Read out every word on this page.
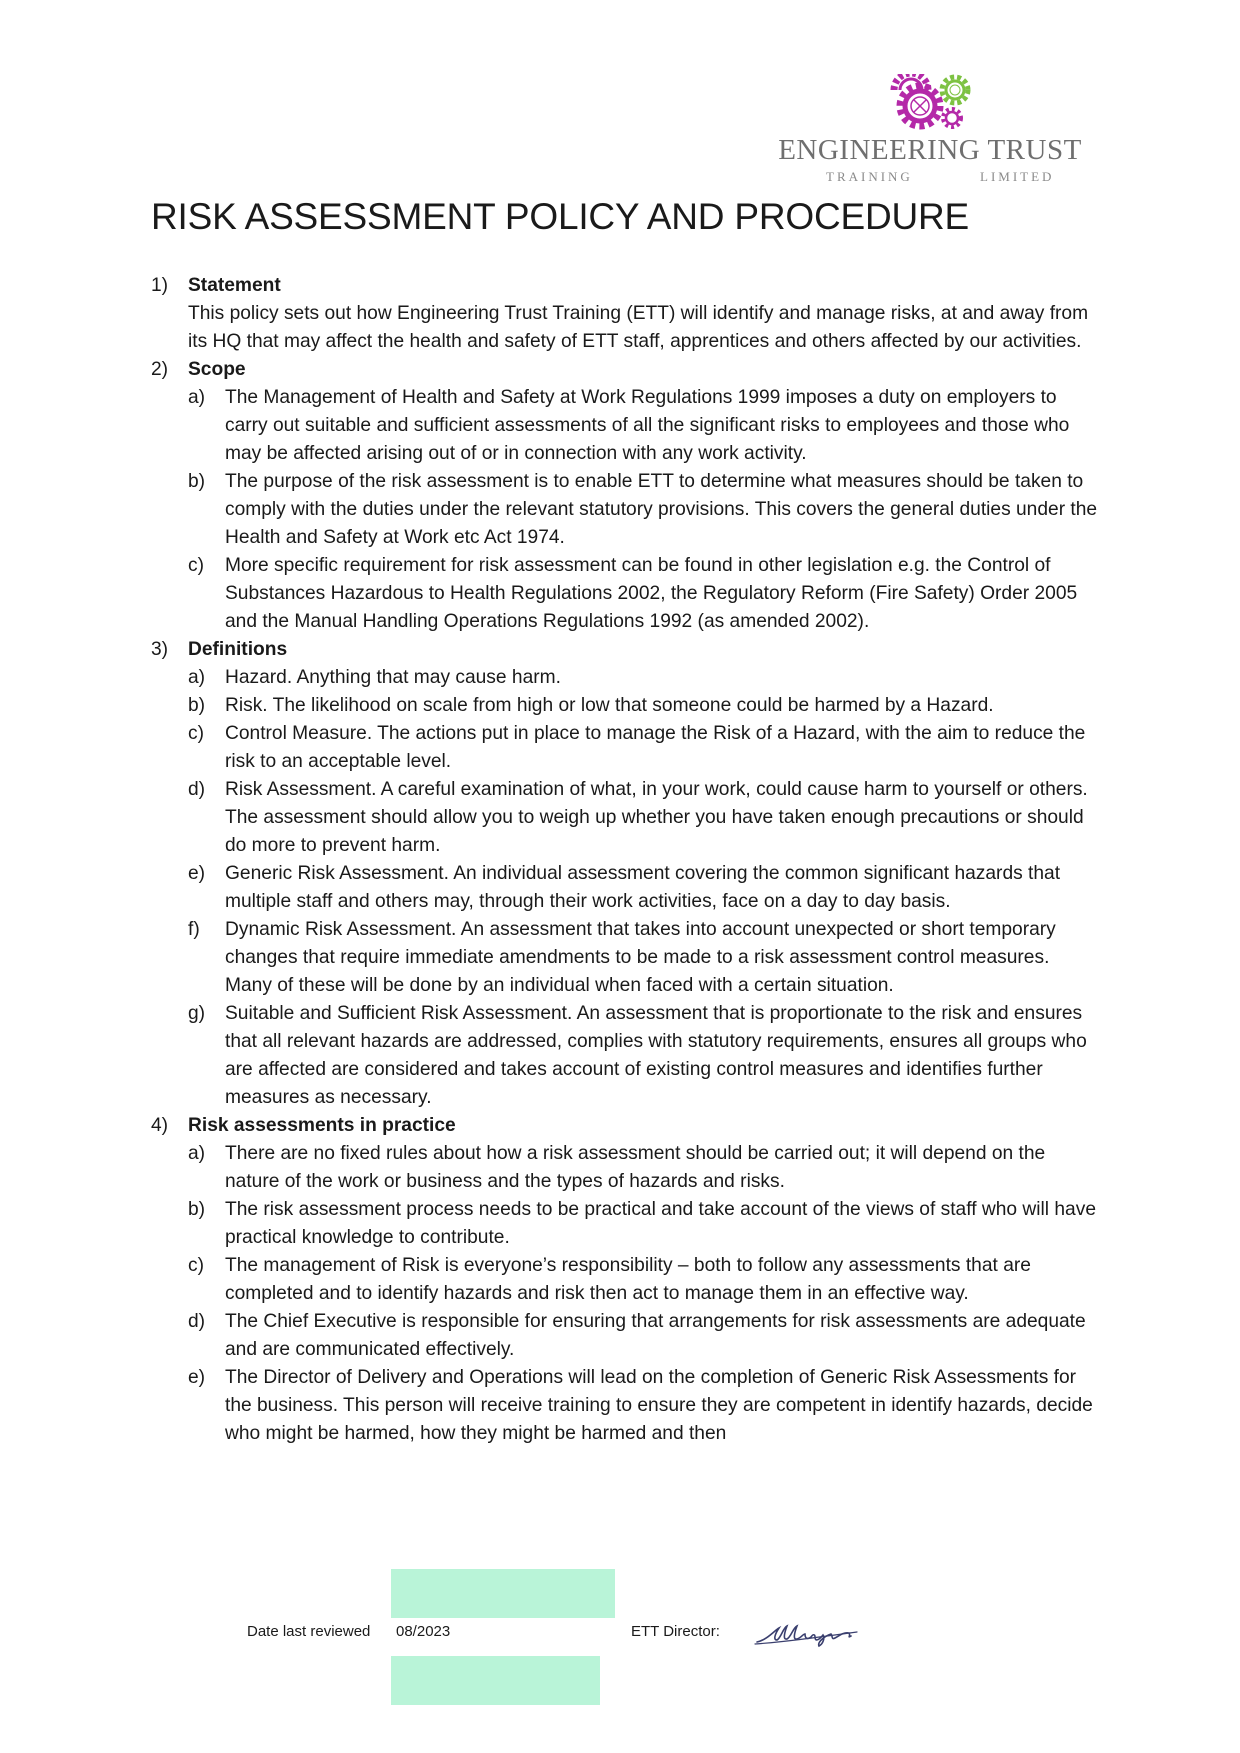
ENGINEERING TRUST
TRAINING	LIMITED
RISK ASSESSMENT POLICY AND PROCEDURE
1)	Statement
This policy sets out how Engineering Trust Training (ETT) will identify and manage risks, at and away from its HQ that may affect the health and safety of ETT staff, apprentices and others affected by our activities.
2)	Scope
a)	The Management of Health and Safety at Work Regulations 1999 imposes a duty on employers to carry out suitable and sufficient assessments of all the significant risks to employees and those who may be affected arising out of or in connection with any work activity.
b)	The purpose of the risk assessment is to enable ETT to determine what measures should be taken to comply with the duties under the relevant statutory provisions. This covers the general duties under the Health and Safety at Work etc Act 1974.
c)	More specific requirement for risk assessment can be found in other legislation e.g. the Control of Substances Hazardous to Health Regulations 2002, the Regulatory Reform (Fire Safety) Order 2005 and the Manual Handling Operations Regulations 1992 (as amended 2002).
3)	Definitions
a)	Hazard. Anything that may cause harm.
b)	Risk. The likelihood on scale from high or low that someone could be harmed by a Hazard.
c)	Control Measure. The actions put in place to manage the Risk of a Hazard, with the aim to reduce the risk to an acceptable level.
d)	Risk Assessment. A careful examination of what, in your work, could cause harm to yourself or others. The assessment should allow you to weigh up whether you have taken enough precautions or should do more to prevent harm.
e)	Generic Risk Assessment. An individual assessment covering the common significant hazards that multiple staff and others may, through their work activities, face on a day to day basis.
f)	Dynamic Risk Assessment. An assessment that takes into account unexpected or short temporary changes that require immediate amendments to be made to a risk assessment control measures. Many of these will be done by an individual when faced with a certain situation.
g)	Suitable and Sufficient Risk Assessment. An assessment that is proportionate to the risk and ensures that all relevant hazards are addressed, complies with statutory requirements, ensures all groups who are affected are considered and takes account of existing control measures and identifies further measures as necessary.
4)	Risk assessments in practice
a)	There are no fixed rules about how a risk assessment should be carried out; it will depend on the nature of the work or business and the types of hazards and risks.
b)	The risk assessment process needs to be practical and take account of the views of staff who will have practical knowledge to contribute.
c)	The management of Risk is everyone’s responsibility – both to follow any assessments that are completed and to identify hazards and risk then act to manage them in an effective way.
d)	The Chief Executive is responsible for ensuring that arrangements for risk assessments are adequate and are communicated effectively.
e)	The Director of Delivery and Operations will lead on the completion of Generic Risk Assessments for the business. This person will receive training to ensure they are competent in identify hazards, decide who might be harmed, how they might be harmed and then
Date last reviewed 08/2023	ETT Director:
